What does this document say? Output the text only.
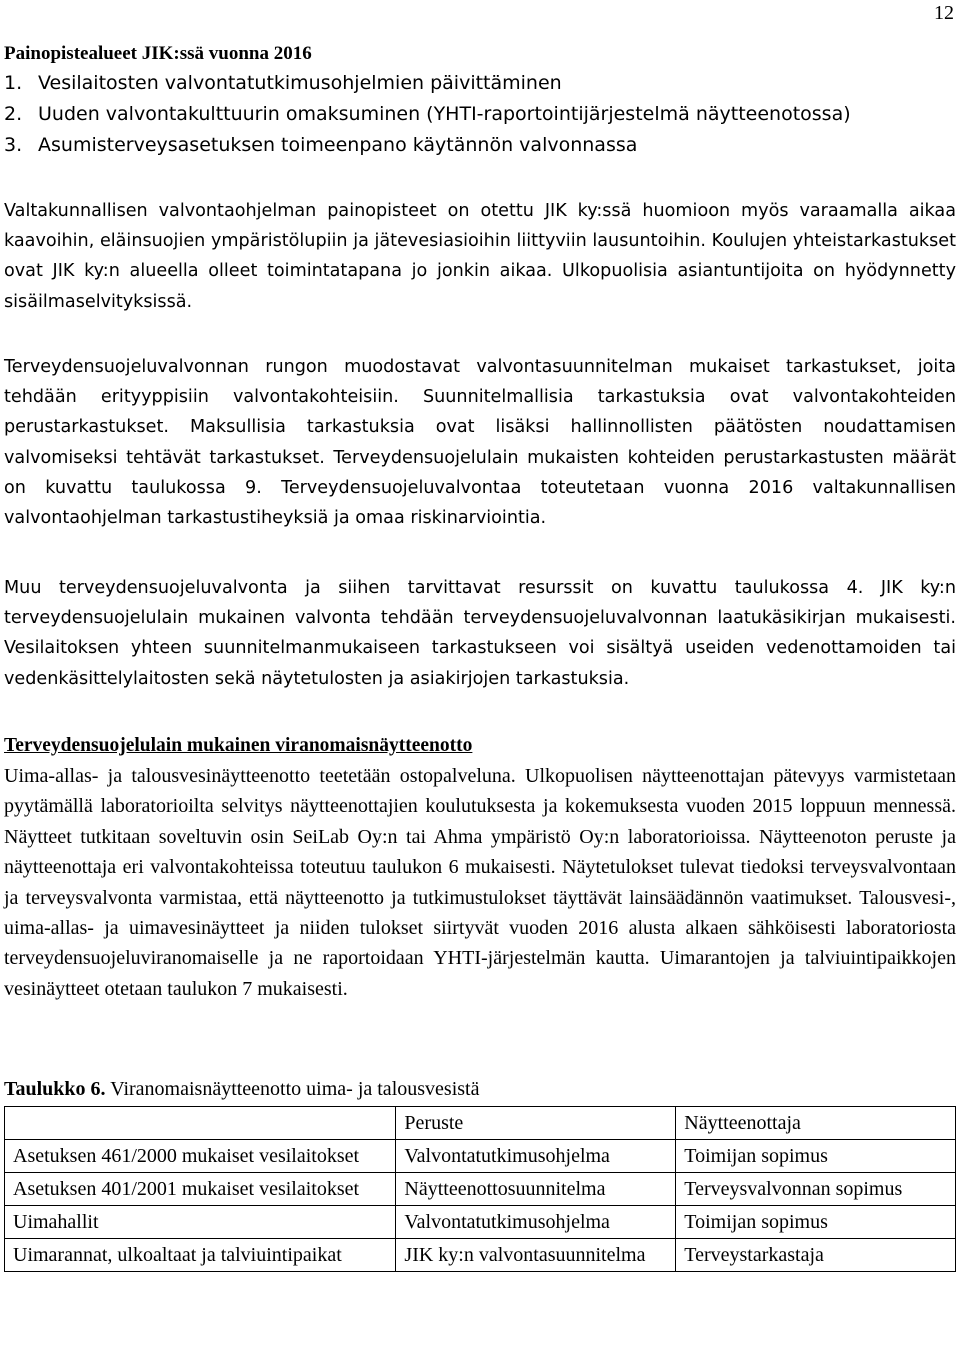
12
Painopistealueet JIK:ssä vuonna 2016
1. Vesilaitosten valvontatutkimusohjelmien päivittäminen
2. Uuden valvontakulttuurin omaksuminen (YHTI-raportointijärjestelmä näytteenotossa)
3. Asumisterveysasetuksen toimeenpano käytännön valvonnassa

Valtakunnallisen valvontaohjelman painopisteet on otettu JIK ky:ssä huomioon myös varaamalla aikaa kaavoihin, eläinsuojien ympäristölupiin ja jätevesiasioihin liittyviin lausuntoihin. Koulujen yhteistarkastukset ovat JIK ky:n alueella olleet toimintatapana jo jonkin aikaa. Ulkopuolisia asiantuntijoita on hyödynnetty sisäilmaselvityksissä.

Terveydensuojeluvalvonnan rungon muodostavat valvontasuunnitelman mukaiset tarkastukset, joita tehdään erityyppisiin valvontakohteisiin. Suunnitelmallisia tarkastuksia ovat valvontakohteiden perustarkastukset. Maksullisia tarkastuksia ovat lisäksi hallinnollisten päätösten noudattamisen valvomiseksi tehtävät tarkastukset. Terveydensuojelulain mukaisten kohteiden perustarkastusten määrät on kuvattu taulukossa 9. Terveydensuojeluvalvontaa toteutetaan vuonna 2016 valtakunnallisen valvontaohjelman tarkastustiheyksiä ja omaa riskinarviointia.

Muu terveydensuojeluvalvonta ja siihen tarvittavat resurssit on kuvattu taulukossa 4. JIK ky:n terveydensuojelulain mukainen valvonta tehdään terveydensuojeluvalvonnan laatukäsikirjan mukaisesti. Vesilaitoksen yhteen suunnitelmanmukaiseen tarkastukseen voi sisältyä useiden vedenottamoiden tai vedenkäsittelylaitosten sekä näytetulosten ja asiakirjojen tarkastuksia.

Terveydensuojelulain mukainen viranomaisnäytteenotto

Uima-allas- ja talousvesinäytteenotto teetetään ostopalveluna. Ulkopuolisen näytteenottajan pätevyys varmistetaan pyytämällä laboratorioilta selvitys näytteenottajien koulutuksesta ja kokemuksesta vuoden 2015 loppuun mennessä. Näytteet tutkitaan soveltuvin osin SeiLab Oy:n tai Ahma ympäristö Oy:n laboratorioissa. Näytteenoton peruste ja näytteenottaja eri valvontakohteissa toteutuu taulukon 6 mukaisesti. Näytetulokset tulevat tiedoksi terveysvalvontaan ja terveysvalvonta varmistaa, että näytteenotto ja tutkimustulokset täyttävät lainsäädännön vaatimukset. Talousvesi-, uima-allas- ja uimavesinäytteet ja niiden tulokset siirtyvät vuoden 2016 alusta alkaen sähköisesti laboratoriosta terveydensuojeluviranomaiselle ja ne raportoidaan YHTI-järjestelmän kautta. Uimarantojen ja talviuintipaikkojen vesinäytteet otetaan taulukon 7 mukaisesti.

Taulukko 6. Viranomaisnäytteenotto uima- ja talousvesistä
	Peruste	Näytteenottaja
Asetuksen 461/2000 mukaiset vesilaitokset	Valvontatutkimusohjelma	Toimijan sopimus
Asetuksen 401/2001 mukaiset vesilaitokset	Näytteenottosuunnitelma	Terveysvalvonnan sopimus
Uimahallit	Valvontatutkimusohjelma	Toimijan sopimus
Uimarannat, ulkoaltaat ja talviuintipaikat	JIK ky:n valvontasuunnitelma	Terveystarkastaja
